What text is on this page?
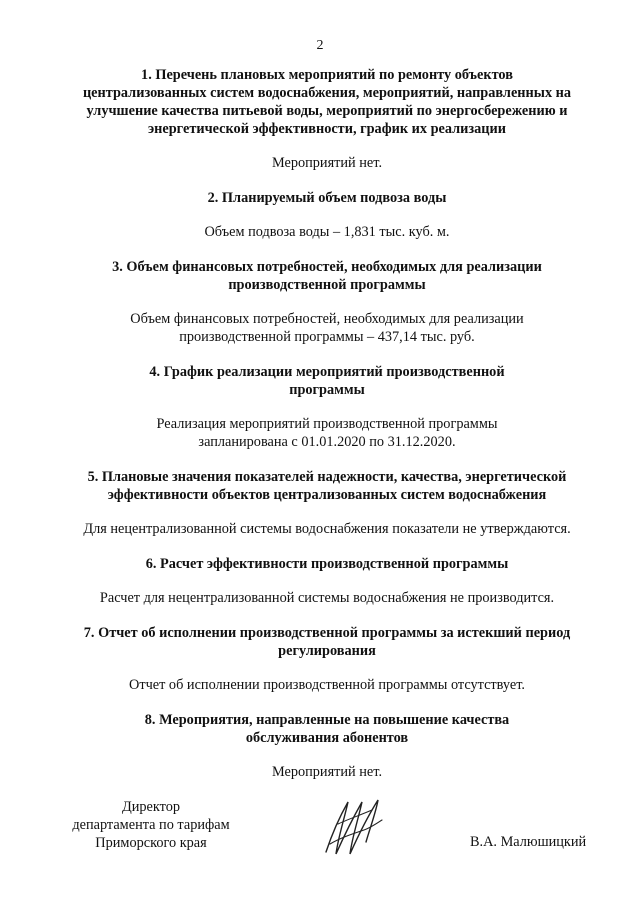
2

1. Перечень плановых мероприятий по ремонту объектов
централизованных систем водоснабжения, мероприятий, направленных на
улучшение качества питьевой воды, мероприятий по энергосбережению и
энергетической эффективности, график их реализации

Мероприятий нет.

2. Планируемый объем подвоза воды

Объем подвоза воды – 1,831 тыс. куб. м.

3. Объем финансовых потребностей, необходимых для реализации
производственной программы

Объем финансовых потребностей, необходимых для реализации
производственной программы – 437,14 тыс. руб.

4. График реализации мероприятий производственной
программы

Реализация мероприятий производственной программы
запланирована с 01.01.2020 по 31.12.2020.

5. Плановые значения показателей надежности, качества, энергетической
эффективности объектов централизованных систем водоснабжения

Для нецентрализованной системы водоснабжения показатели не утверждаются.

6. Расчет эффективности производственной программы

Расчет для нецентрализованной системы водоснабжения не производится.

7. Отчет об исполнении производственной программы за истекший период
регулирования

Отчет об исполнении производственной программы отсутствует.

8. Мероприятия, направленные на повышение качества
обслуживания абонентов

Мероприятий нет.

Директор
департамента по тарифам
Приморского края	В.А. Малюшицкий
